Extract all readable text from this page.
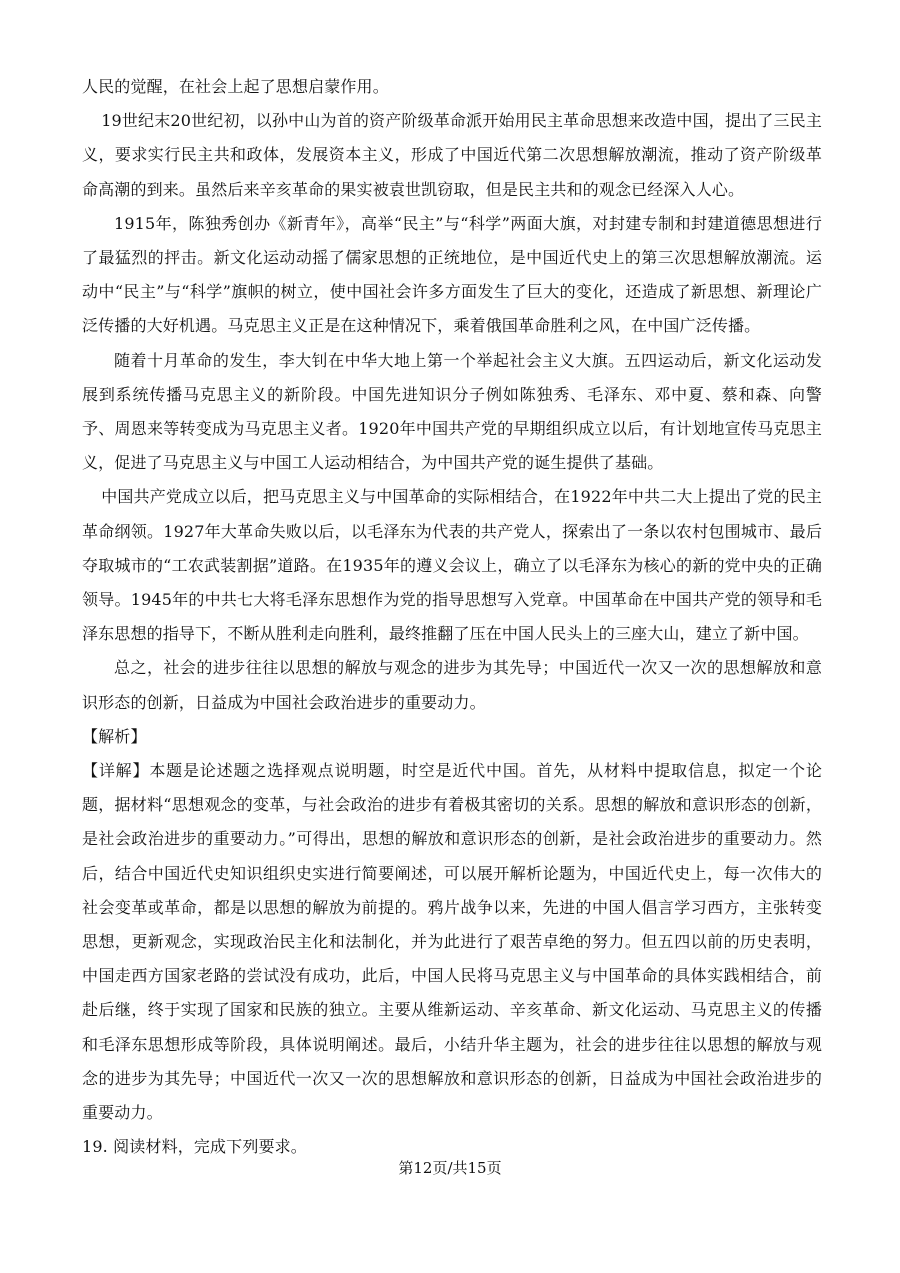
人民的觉醒，在社会上起了思想启蒙作用。

19世纪末20世纪初，以孙中山为首的资产阶级革命派开始用民主革命思想来改造中国，提出了三民主义，要求实行民主共和政体，发展资本主义，形成了中国近代第二次思想解放潮流，推动了资产阶级革命高潮的到来。虽然后来辛亥革命的果实被袁世凯窃取，但是民主共和的观念已经深入人心。

1915年，陈独秀创办《新青年》，高举“民主”与“科学”两面大旗，对封建专制和封建道德思想进行了最猛烈的抨击。新文化运动动摇了儒家思想的正统地位，是中国近代史上的第三次思想解放潮流。运动中“民主”与“科学”旗帜的树立，使中国社会许多方面发生了巨大的变化，还造成了新思想、新理论广泛传播的大好机遇。马克思主义正是在这种情况下，乘着俄国革命胜利之风，在中国广泛传播。

随着十月革命的发生，李大钊在中华大地上第一个举起社会主义大旗。五四运动后，新文化运动发展到系统传播马克思主义的新阶段。中国先进知识分子例如陈独秀、毛泽东、邓中夏、蔡和森、向警予、周恩来等转变成为马克思主义者。1920年中国共产党的早期组织成立以后，有计划地宣传马克思主义，促进了马克思主义与中国工人运动相结合，为中国共产党的诞生提供了基础。

中国共产党成立以后，把马克思主义与中国革命的实际相结合，在1922年中共二大上提出了党的民主革命纲领。1927年大革命失败以后，以毛泽东为代表的共产党人，探索出了一条以农村包围城市、最后夺取城市的“工农武装割据”道路。在1935年的遵义会议上，确立了以毛泽东为核心的新的党中央的正确领导。1945年的中共七大将毛泽东思想作为党的指导思想写入党章。中国革命在中国共产党的领导和毛泽东思想的指导下，不断从胜利走向胜利，最终推翻了压在中国人民头上的三座大山，建立了新中国。

总之，社会的进步往往以思想的解放与观念的进步为其先导；中国近代一次又一次的思想解放和意识形态的创新，日益成为中国社会政治进步的重要动力。

【解析】

【详解】本题是论述题之选择观点说明题，时空是近代中国。首先，从材料中提取信息，拟定一个论题，据材料“思想观念的变革，与社会政治的进步有着极其密切的关系。思想的解放和意识形态的创新，是社会政治进步的重要动力。”可得出，思想的解放和意识形态的创新，是社会政治进步的重要动力。然后，结合中国近代史知识组织史实进行简要阐述，可以展开解析论题为，中国近代史上，每一次伟大的社会变革或革命，都是以思想的解放为前提的。鸦片战争以来，先进的中国人倡言学习西方，主张转变思想，更新观念，实现政治民主化和法制化，并为此进行了艰苦卓绝的努力。但五四以前的历史表明，中国走西方国家老路的尝试没有成功，此后，中国人民将马克思主义与中国革命的具体实践相结合，前赴后继，终于实现了国家和民族的独立。主要从维新运动、辛亥革命、新文化运动、马克思主义的传播和毛泽东思想形成等阶段，具体说明阐述。最后，小结升华主题为，社会的进步往往以思想的解放与观念的进步为其先导；中国近代一次又一次的思想解放和意识形态的创新，日益成为中国社会政治进步的重要动力。

19. 阅读材料，完成下列要求。

第12页/共15页
